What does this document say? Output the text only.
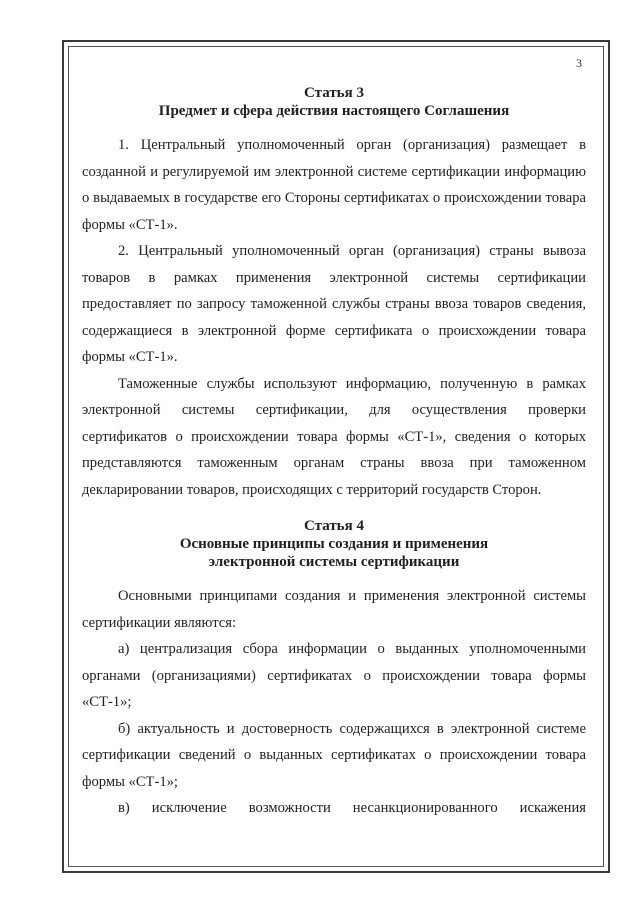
3
Статья 3
Предмет и сфера действия настоящего Соглашения

1. Центральный уполномоченный орган (организация) размещает в созданной и регулируемой им электронной системе сертификации информацию о выдаваемых в государстве его Стороны сертификатах о происхождении товара формы «СТ-1».

2. Центральный уполномоченный орган (организация) страны вывоза товаров в рамках применения электронной системы сертификации предоставляет по запросу таможенной службы страны ввоза товаров сведения, содержащиеся в электронной форме сертификата о происхождении товара формы «СТ-1».

Таможенные службы используют информацию, полученную в рамках электронной системы сертификации, для осуществления проверки сертификатов о происхождении товара формы «СТ-1», сведения о которых представляются таможенным органам страны ввоза при таможенном декларировании товаров, происходящих с территорий государств Сторон.

Статья 4
Основные принципы создания и применения
электронной системы сертификации

Основными принципами создания и применения электронной системы сертификации являются:

а) централизация сбора информации о выданных уполномоченными органами (организациями) сертификатах о происхождении товара формы «СТ-1»;

б) актуальность и достоверность содержащихся в электронной системе сертификации сведений о выданных сертификатах о происхождении товара формы «СТ-1»;

в) исключение возможности несанкционированного искажения
